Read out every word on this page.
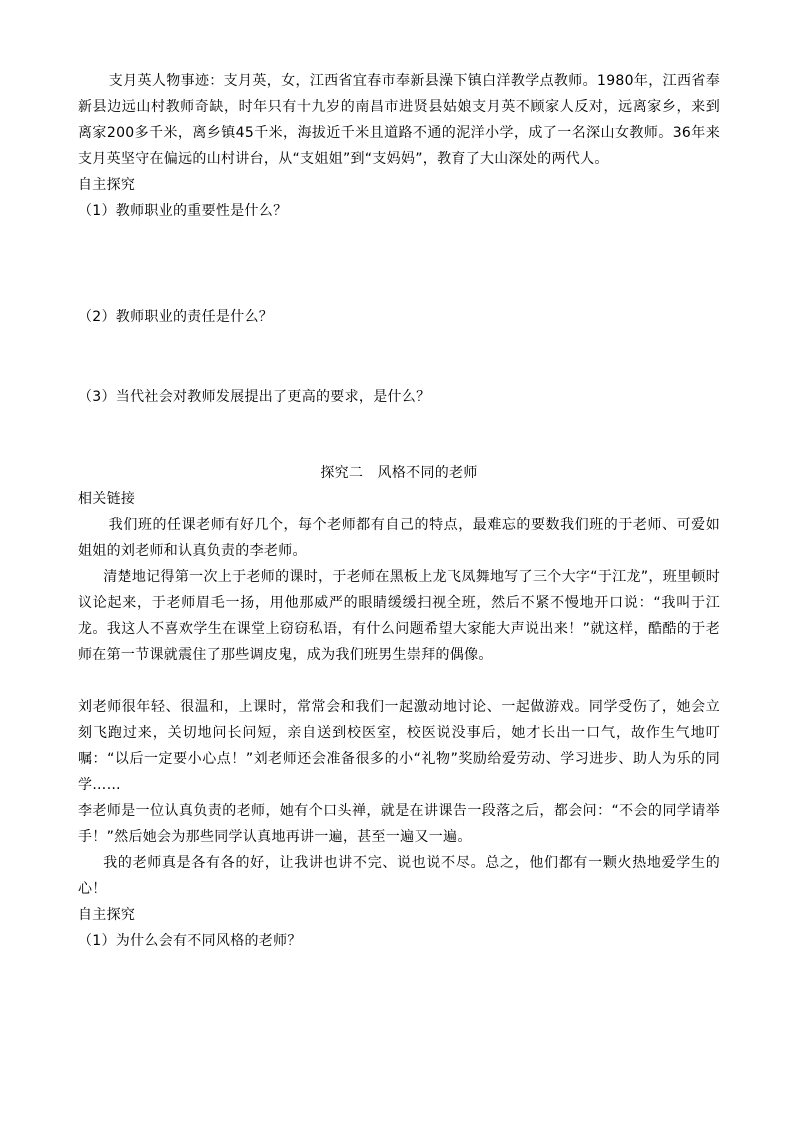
支月英人物事迹：支月英，女，江西省宜春市奉新县澡下镇白洋教学点教师。1980年，江西省奉新县边远山村教师奇缺，时年只有十九岁的南昌市进贤县姑娘支月英不顾家人反对，远离家乡，来到离家200多千米，离乡镇45千米，海拔近千米且道路不通的泥洋小学，成了一名深山女教师。36年来支月英坚守在偏远的山村讲台，从“支姐姐”到“支妈妈”，教育了大山深处的两代人。

自主探究

（1）教师职业的重要性是什么？

（2）教师职业的责任是什么？

（3）当代社会对教师发展提出了更高的要求，是什么？

探究二　风格不同的老师

相关链接

我们班的任课老师有好几个，每个老师都有自己的特点，最难忘的要数我们班的于老师、可爱如姐姐的刘老师和认真负责的李老师。

清楚地记得第一次上于老师的课时，于老师在黑板上龙飞凤舞地写了三个大字“于江龙”，班里顿时议论起来，于老师眉毛一扬，用他那威严的眼睛缓缓扫视全班，然后不紧不慢地开口说：“我叫于江龙。我这人不喜欢学生在课堂上窃窃私语，有什么问题希望大家能大声说出来！”就这样，酷酷的于老师在第一节课就震住了那些调皮鬼，成为我们班男生崇拜的偶像。

刘老师很年轻、很温和，上课时，常常会和我们一起激动地讨论、一起做游戏。同学受伤了，她会立刻飞跑过来，关切地问长问短，亲自送到校医室，校医说没事后，她才长出一口气，故作生气地叮嘱：“以后一定要小心点！”刘老师还会准备很多的小“礼物”奖励给爱劳动、学习进步、助人为乐的同学……

李老师是一位认真负责的老师，她有个口头禅，就是在讲课告一段落之后，都会问：“不会的同学请举手！”然后她会为那些同学认真地再讲一遍，甚至一遍又一遍。

我的老师真是各有各的好，让我讲也讲不完、说也说不尽。总之，他们都有一颗火热地爱学生的心！

自主探究

（1）为什么会有不同风格的老师？
